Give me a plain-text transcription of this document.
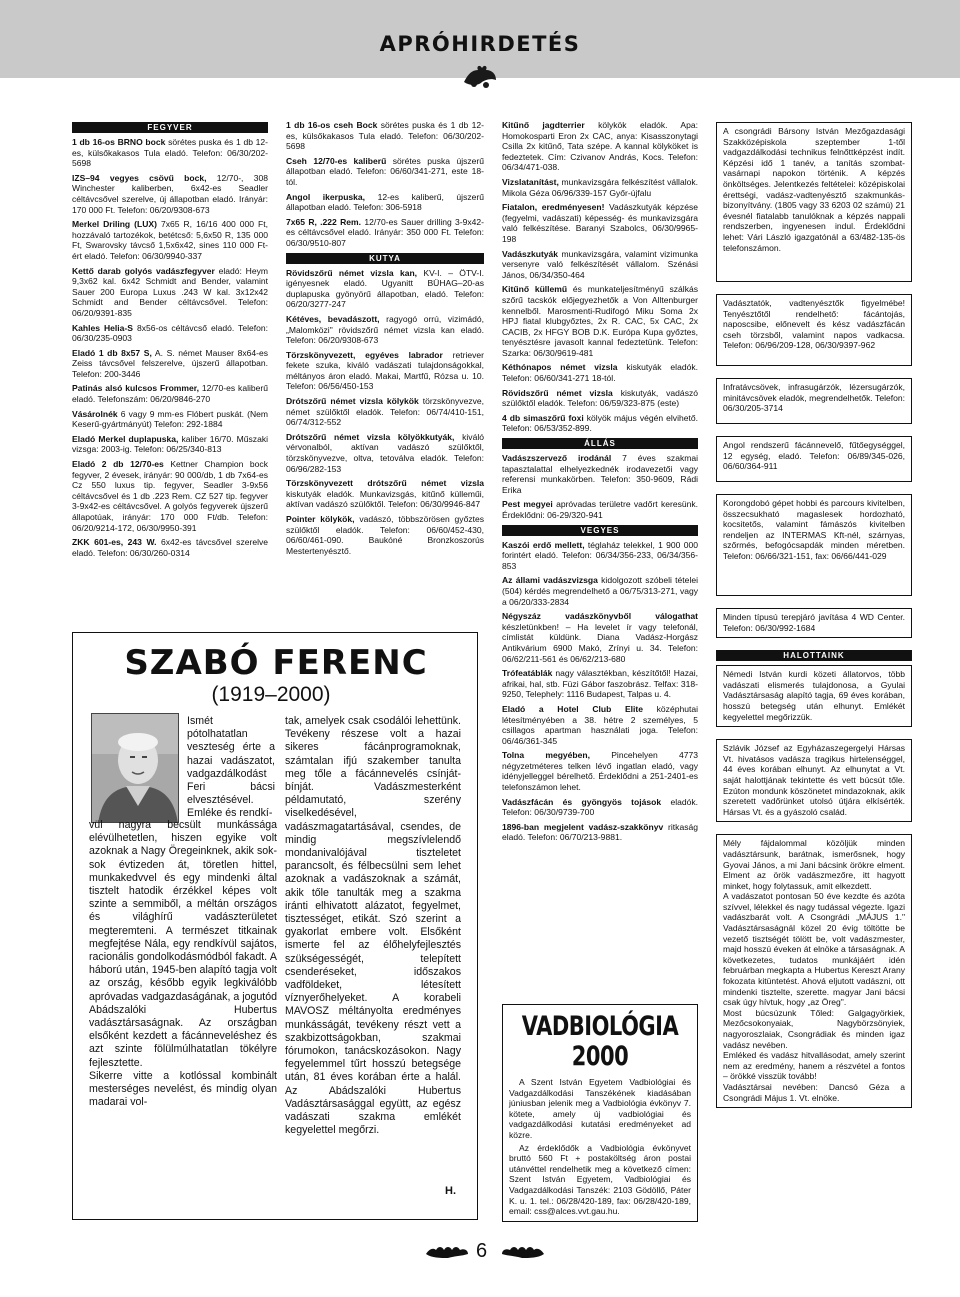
APRÓHIRDETÉS
FEGYVER
1 db 16-os BRNO bock sörétes puska és 1 db 12-es, külsőkakasos Tula eladó. Telefon: 06/30/202-5698
IZS–94 vegyes csövű bock, 12/70-, 308 Winchester kaliberben, 6x42-es Seadler céltávcsővel szerelve, új állapotban eladó. Irányár: 170 000 Ft. Telefon: 06/20/9308-673
Merkel Driling (LUX) 7x65 R, 16/16 400 000 Ft, hozzávaló tartozékok, betétcső: 5,6x50 R, 135 000 Ft, Swarovsky távcső 1,5x6x42, sines 110 000 Ft-ért eladó. Telefon: 06/30/9940-337
Kettő darab golyós vadászfegyver eladó: Heym 9,3x62 kal. 6x42 Schmidt and Bender, valamint Sauer 200 Europa Luxus .243 W kal. 3x12x42 Schmidt and Bender céltávcsővel. Telefon: 06/20/9391-835
Kahles Helia-S 8x56-os céltávcső eladó. Telefon: 06/30/235-0903
Eladó 1 db 8x57 S, A. S. német Mauser 8x64-es Zeiss távcsővel felszerelve, újszerű állapotban. Telefon: 200-3446
Patinás alsó kulcsos Frommer, 12/70-es kaliberű eladó. Telefonszám: 06/20/9846-270
Vásárolnék 6 vagy 9 mm-es Flóbert puskát. (Nem Keserű-gyártmányút) Telefon: 292-1884
Eladó Merkel duplapuska, kaliber 16/70. Műszaki vizsga: 2003-ig. Telefon: 06/25/340-813
Eladó 2 db 12/70-es Kettner Champion bock fegyver, 2 évesek, irányár: 90 000/db, 1 db 7x64-es Cz 550 luxus tip. fegyver, Seadler 3-9x56 céltávcsővel és 1 db .223 Rem. CZ 527 tip. fegyver 3-9x42-es céltávcsővel. A golyós fegyverek újszerű állapotúak, irányár: 170 000 Ft/db. Telefon: 06/20/9214-172, 06/30/9950-391
ZKK 601-es, 243 W. 6x42-es távcsővel szerelve eladó. Telefon: 06/30/260-0314
1 db 16-os cseh Bock sörétes puska és 1 db 12-es, külsőkakasos Tula eladó. Telefon: 06/30/202-5698
Cseh 12/70-es kaliberű sörétes puska újszerű állapotban eladó. Telefon: 06/60/341-271, este 18-tól.
Angol ikerpuska, 12-es kaliberű, újszerű állapotban eladó. Telefon: 306-5918
7x65 R, .222 Rem. 12/70-es Sauer drilling 3-9x42-es céltávcsővel eladó. Irányár: 350 000 Ft. Telefon: 06/30/9510-807
KUTYA
Rövidszőrű német vizsla kan, KV-I. – ÖTV-I. igényesnek eladó. Ugyanitt BÜHAG–20-as duplapuska gyönyörű állapotban, eladó. Telefon: 06/20/3277-247
Kétéves, bevadászott, ragyogó orrú, vizimádó, „Malomközi" rövidszőrű német vizsla kan eladó. Telefon: 06/20/9308-673
Törzskönyvezett, egyéves labrador retriever fekete szuka, kiváló vadászati tulajdonságokkal, méltányos áron eladó. Makai, Martfű, Rózsa u. 10. Telefon: 06/56/450-153
Drótszőrű német vizsla kölykök törzskönyvezve, német szülőktől eladók. Telefon: 06/74/410-151, 06/74/312-552
Drótszőrű német vizsla kölyökkutyák, kiváló vérvonalból, aktívan vadászó szülőktől, törzskönyvezve, oltva, tetoválva eladók. Telefon: 06/96/282-153
Törzskönyvezett drótszőrű német vizsla kiskutyák eladók. Munkavizsgás, kitűnő külleműi, aktívan vadászó szülőktől. Telefon: 06/30/9946-847
Pointer kölykök, vadászó, többszörösen győztes szülőktől eladók. Telefon: 06/60/452-430, 06/60/461-090. Baukóné Bronzkoszorús Mestertenyésztő.
Kitűnő jagdterrier kölykök eladók. Apa: Homokosparti Eron 2x CAC, anya: Kisasszonytagi Csilla 2x kitűnő, Tata szépe. A kannal kölyköket is fedeztetek. Cím: Czivanov András, Kocs. Telefon: 06/34/471-038.
Vizslatanítást, munkavizsgára felkészítést vállalok. Mikola Géza 06/96/339-157 Győr-újfalu
Fiatalon, eredményesen! Vadászkutyák képzése (fegyelmi, vadászati) képesség- és munkavizsgára való felkészítése. Baranyi Szabolcs, 06/30/9965-198
Vadászkutyák munkavizsgára, valamint vizimunka versenyre való felkészítését vállalom. Szénási János, 06/34/350-464
Kitűnő küllemű és munkateljesítményű szálkás szőrű tacskók előjegyezhetők a Von Alltenburger kennelből. Marosmenti-Rudifogó Miku Soma 2x HPJ fiatal klubgyőztes, 2x R. CAC, 5x CAC, 2x CACIB, 2x HFGY BOB D.K. Európa Kupa győztes, tenyésztésre javasolt kannal fedeztetünk. Telefon: Szarka: 06/30/9619-481
Kéthónapos német vizsla kiskutyák eladók. Telefon: 06/60/341-271 18-tól.
Rövidszőrű német vizsla kiskutyák, vadászó szülőktől eladók. Telefon: 06/59/323-875 (este)
4 db simaszőrű foxi kölyök május végén elvihető. Telefon: 06/53/352-899.
ÁLLÁS
Vadászszervező irodánál 7 éves szakmai tapasztalattal elhelyezkednék irodavezetői vagy referensi munkakörben. Telefon: 350-9609, Rádi Erika
Pest megyei apróvadas területre vadőrt keresünk. Érdeklődni: 06-29/320-941
VEGYES
Kaszói erdő mellett, téglaház telekkel, 1 900 000 forintért eladó. Telefon: 06/34/356-233, 06/34/356-853
Az állami vadászvizsga kidolgozott szóbeli tételei (504) kérdés megrendelhető a 06/75/313-271, vagy a 06/20/333-2834
Négyszáz vadászkönyvből válogathat készletünkben! – Ha levelet ír vagy telefonál, címlistát küldünk. Diana Vadász-Horgász Antikvárium 6900 Makó, Zrínyi u. 34. Telefon: 06/62/211-561 és 06/62/213-680
Trófeatáblák nagy választékban, készítőtől! Hazai, afrikai, hal, stb. Füzi Gábor faszobrász. Telfax: 318-9250, Telephely: 1116 Budapest, Talpas u. 4.
Eladó a Hotel Club Elite középhutai létesítményében a 38. hétre 2 személyes, 5 csillagos apartman használati joga. Telefon: 06/46/361-345
Tolna megyében, Pincehelyen 4773 négyzetméteres telken lévő ingatlan eladó, vagy idényjelleggel bérelhető. Érdeklődni a 251-2401-es telefonszámon lehet.
Vadászfácán és gyöngyös tojások eladók. Telefon: 06/30/9739-700
1896-ban megjelent vadász-szakkönyv ritkaság eladó. Telefon: 06/70/213-9881.
A csongrádi Bársony István Mezőgazdasági Szakközépiskola szeptember 1-től vadgazdálkodási technikus felnőttképzést indít. Képzési idő 1 tanév, a tanítás szombat-vasárnapi napokon történik. A képzés önköltséges. Jelentkezés feltételei: középiskolai érettségi, vadász-vadtenyésztő szakmunkás-bizonyítvány. (1805 vagy 33 6203 02 számú) 21 évesnél fiatalabb tanulóknak a képzés nappali rendszerben, ingyenesen indul. Érdeklődni lehet: Vári László igazgatónál a 63/482-135-ös telefonszámon.
Vadásztatók, vadtenyésztők figyelmébe! Tenyésztőtől rendelhető: fácántojás, naposcsibe, előnevelt és kész vadászfácán cseh törzsből, valamint napos vadkacsa. Telefon: 06/96/209-128, 06/30/9397-962
Infratávcsövek, infrasugárzók, lézersugárzók, minitávcsövek eladók, megrendelhetők. Telefon: 06/30/205-3714
Angol rendszerű fácánnevelő, fűtőegységgel, 12 egység, eladó. Telefon: 06/89/345-026, 06/60/364-911
Korongdobó gépet hobbi és parcours kivitelben, összecsukható magaslesek hordozható, kocsitetős, valamint fámászós kivitelben rendeljen az INTERMAS Kft-nél, szárnyas, szőrmés, befogócsapdák minden méretben. Telefon: 06/66/321-151, fax: 06/66/441-029
Minden típusú terepjáró javítása 4 WD Center. Telefon: 06/30/992-1684
HALOTTAINK
Némedi István kurdi közeti állatorvos, több vadászati elismerés tulajdonosa, a Gyulai Vadásztársaság alapító tagja, 69 éves korában, hosszú betegség után elhunyt. Emlékét kegyelettel megőrizzük.
Szlávik József az Egyházaszegergelyi Hársas Vt. hivatásos vadásza tragikus hirtelenséggel, 44 éves korában elhunyt. Az elhunytat a Vt. saját halottjának tekintette és vett búcsút tőle. Ezúton mondunk köszönetet mindazoknak, akik szeretett vadőrünket utolsó útjára elkísérték. Hársas Vt. és a gyászoló család.
Mély fájdalommal közöljük minden vadásztársunk, barátnak, ismerősnek, hogy Gyovai János, a mi Jani bácsink örökre elment. Elment az örök vadászmezőre, itt hagyott minket, hogy folytassuk, amit elkezdett.
A vadászatot pontosan 50 éve kezdte és azóta szívvel, lélekkel és nagy tudással végezte. Igazi vadászbarát volt. A Csongrádi „MÁJUS 1." Vadásztársaságnál közel 20 évig töltötte be vezető tisztségét tölött be, volt vadászmester, majd hosszú éveken át elnöke a társaságnak. A következetes, tudatos munkájáért idén februárban megkapta a Hubertus Kereszt Arany fokozata kitüntetést. Ahová eljutott vadászni, ott mindenki tisztelte, szerette. magyar Jani bácsi csak úgy hívtuk, hogy „az Öreg".
Most búcsúzunk Tőled: Galgagyörkiek, Mezőcsokonyaiak, Nagybörzsönyiek, nagyoroszlaiak, Csongrádiak és minden igaz vadász nevében.
Emléked és vadász hitvallásodat, amely szerint nem az eredmény, hanem a részvétel a fontos – örökké visszük tovább!
Vadásztársai nevében: Dancsó Géza a Csongrádi Május 1. Vt. elnöke.
SZABÓ FERENC
(1919–2000)
Ismét pótolhatatlan veszteség érte a hazai vadászatot, vadgazdálkodást Feri bácsi elvesztésével. Emléke és rendkí-
vül nagyra becsült munkássága elévülhetetlen, hiszen egyike volt azoknak a Nagy Öregeinknek, akik sok-sok évtizeden át, töretlen hittel, munkakedvvel és egy mindenki által tisztelt hatodik érzékkel képes volt szinte a semmiből, a méltán országos és világhírű vadászterületet megteremteni. A természet titkainak megfejtése Nála, egy rendkívül sajátos, racionális gondolkodásmódból fakadt. A háború után, 1945-ben alapító tagja volt az ország, később egyik legkiválóbb apróvadas vadgazdaságának, a jogutód Abádszalóki Hubertus vadásztársaságnak. Az országban elsőként kezdett a fácánneveléshez és azt szinte fölülmúlhatatlan tökélyre fejlesztette.
Sikerre vitte a kotlóssal kombinált mesterséges nevelést, és mindig olyan madarai vol-
tak, amelyek csak csodálói lehettünk. Tevékeny részese volt a hazai sikeres fácánprogramoknak, számtalan ifjú szakember tanulta meg tőle a fácánnevelés csínját-bínját. Vadászmesterként példamutató, szerény viselkedésével, vadászmagatartásával, csendes, de mindig megszívlelendő mondanivalójával tiszteletet parancsolt, és félbecsülni sem lehet azoknak a vadászoknak a számát, akik tőle tanulták meg a szakma iránti elhivatott alázatot, fegyelmet, tisztességet, etikát. Szó szerint a gyakorlat embere volt. Elsőként ismerte fel az élőhelyfejlesztés szükségességét, telepített csenderéseket, időszakos vadföldeket, létesített víznyerőhelyeket. A korabeli MAVOSZ méltányolta eredményes munkásságát, tevékeny részt vett a szakbizottságokban, szakmai fórumokon, tanácskozásokon. Nagy fegyelemmel tűrt hosszú betegsége után, 81 éves korában érte a halál. Az Abádszalóki Hubertus Vadásztársasággal együtt, az egész vadászati szakma emlékét kegyelettel megőrzi.
H.
VADBIOLÓGIA 2000

A Szent István Egyetem Vadbiológiai és Vadgazdálkodási Tanszékének kiadásában júniusban jelenik meg a Vadbiológia évkönyv 7. kötete, amely új vadbiológiai és vadgazdálkodási kutatási eredményeket ad közre.

Az érdeklődők a Vadbiológia évkönyvet bruttó 560 Ft + postaköltség áron postai utánvéttel rendelhetik meg a következő címen: Szent István Egyetem, Vadbiológiai és Vadgazdálkodási Tanszék: 2103 Gödöllő, Páter K. u. 1. tel.: 06/28/420-189, fax: 06/28/420-189, email: css@alces.vvt.gau.hu.

6
